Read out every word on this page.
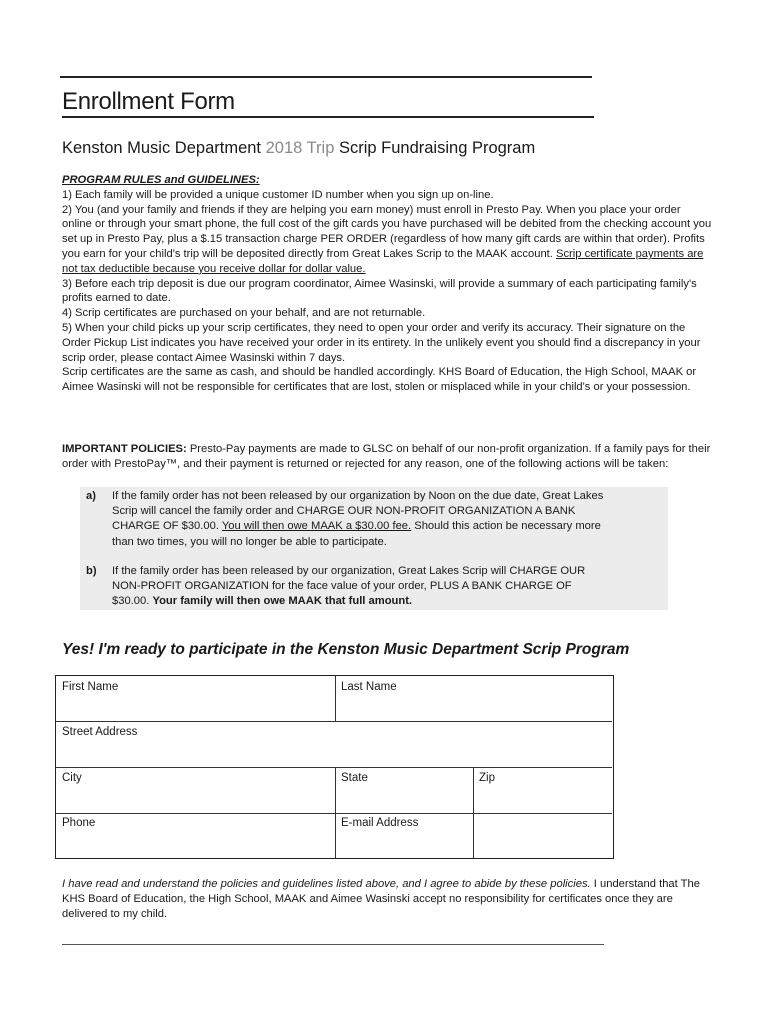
Enrollment Form
Kenston Music Department 2018 Trip Scrip Fundraising Program

PROGRAM RULES and GUIDELINES:

1) Each family will be provided a unique customer ID number when you sign up on-line.

2) You (and your family and friends if they are helping you earn money) must enroll in Presto Pay. When you place your order online or through your smart phone, the full cost of the gift cards you have purchased will be debited from the checking account you set up in Presto Pay, plus a $.15 transaction charge PER ORDER (regardless of how many gift cards are within that order). Profits you earn for your child's trip will be deposited directly from Great Lakes Scrip to the MAAK account. Scrip certificate payments are not tax deductible because you receive dollar for dollar value.

3) Before each trip deposit is due our program coordinator, Aimee Wasinski, will provide a summary of each participating family's profits earned to date.

4) Scrip certificates are purchased on your behalf, and are not returnable.

5) When your child picks up your scrip certificates, they need to open your order and verify its accuracy. Their signature on the Order Pickup List indicates you have received your order in its entirety. In the unlikely event you should find a discrepancy in your scrip order, please contact Aimee Wasinski within 7 days.

Scrip certificates are the same as cash, and should be handled accordingly. KHS Board of Education, the High School, MAAK or Aimee Wasinski will not be responsible for certificates that are lost, stolen or misplaced while in your child's or your possession.

IMPORTANT POLICIES: Presto-Pay payments are made to GLSC on behalf of our non-profit organization. If a family pays for their order with PrestoPay™, and their payment is returned or rejected for any reason, one of the following actions will be taken:

a) If the family order has not been released by our organization by Noon on the due date, Great Lakes
Scrip will cancel the family order and CHARGE OUR NON-PROFIT ORGANIZATION A BANK
CHARGE OF $30.00. You will then owe MAAK a $30.00 fee. Should this action be necessary more
than two times, you will no longer be able to participate.
b) If the family order has been released by our organization, Great Lakes Scrip will CHARGE OUR
NON-PROFIT ORGANIZATION for the face value of your order, PLUS A BANK CHARGE OF
$30.00. Your family will then owe MAAK that full amount.
Yes! I'm ready to participate in the Kenston Music Department Scrip Program
First Name	Last Name
Street Address
City	State	Zip
Phone	E-mail Address
I have read and understand the policies and guidelines listed above, and I agree to abide by these policies. I understand that The KHS Board of Education, the High School, MAAK and Aimee Wasinski accept no responsibility for certificates once they are delivered to my child.
